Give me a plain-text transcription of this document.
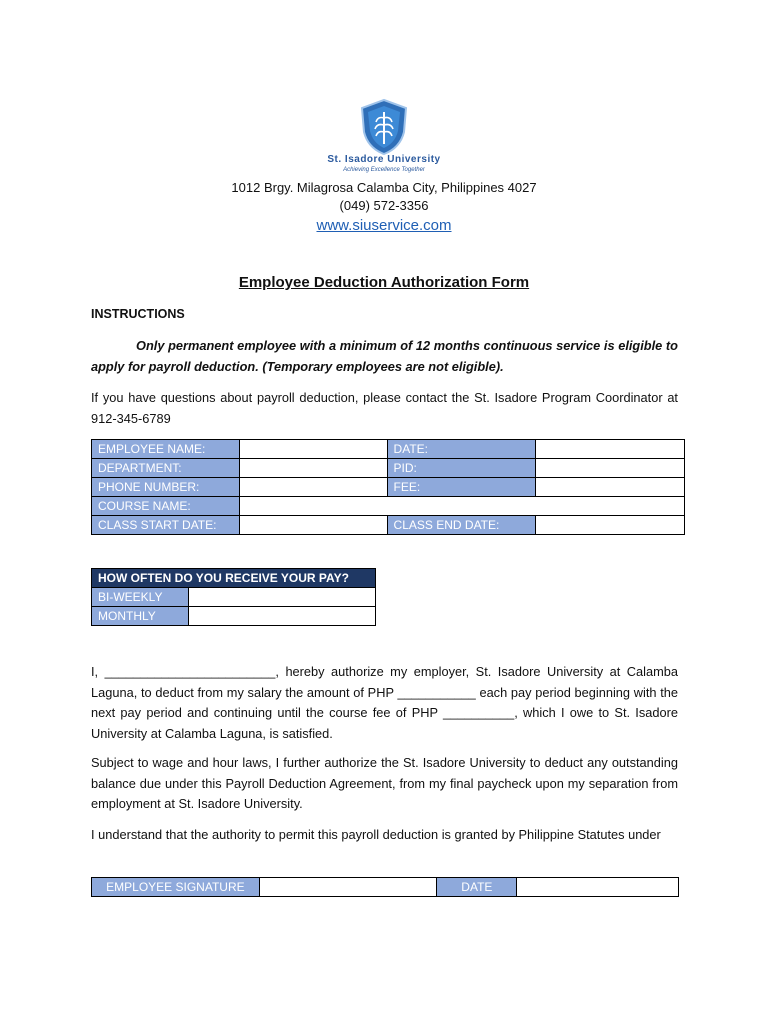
St. Isadore University
Achieving Excellence Together
1012 Brgy. Milagrosa Calamba City, Philippines 4027
(049) 572-3356
www.siuservice.com
Employee Deduction Authorization Form
INSTRUCTIONS
Only permanent employee with a minimum of 12 months continuous service is eligible to apply for payroll deduction. (Temporary employees are not eligible).
If you have questions about payroll deduction, please contact the St. Isadore Program Coordinator at 912-345-6789
EMPLOYEE NAME:		DATE:	
DEPARTMENT:		PID:	
PHONE NUMBER:		FEE:	
COURSE NAME:			
CLASS START DATE:		CLASS END DATE:	
HOW OFTEN DO YOU RECEIVE YOUR PAY?	
BI-WEEKLY	
MONTHLY	
I, ________________________, hereby authorize my employer, St. Isadore University at Calamba Laguna, to deduct from my salary the amount of PHP ___________ each pay period beginning with the next pay period and continuing until the course fee of PHP __________, which I owe to St. Isadore University at Calamba Laguna, is satisfied.
Subject to wage and hour laws, I further authorize the St. Isadore University to deduct any outstanding balance due under this Payroll Deduction Agreement, from my final paycheck upon my separation from employment at St. Isadore University.
I understand that the authority to permit this payroll deduction is granted by Philippine Statutes under
EMPLOYEE SIGNATURE		DATE	
